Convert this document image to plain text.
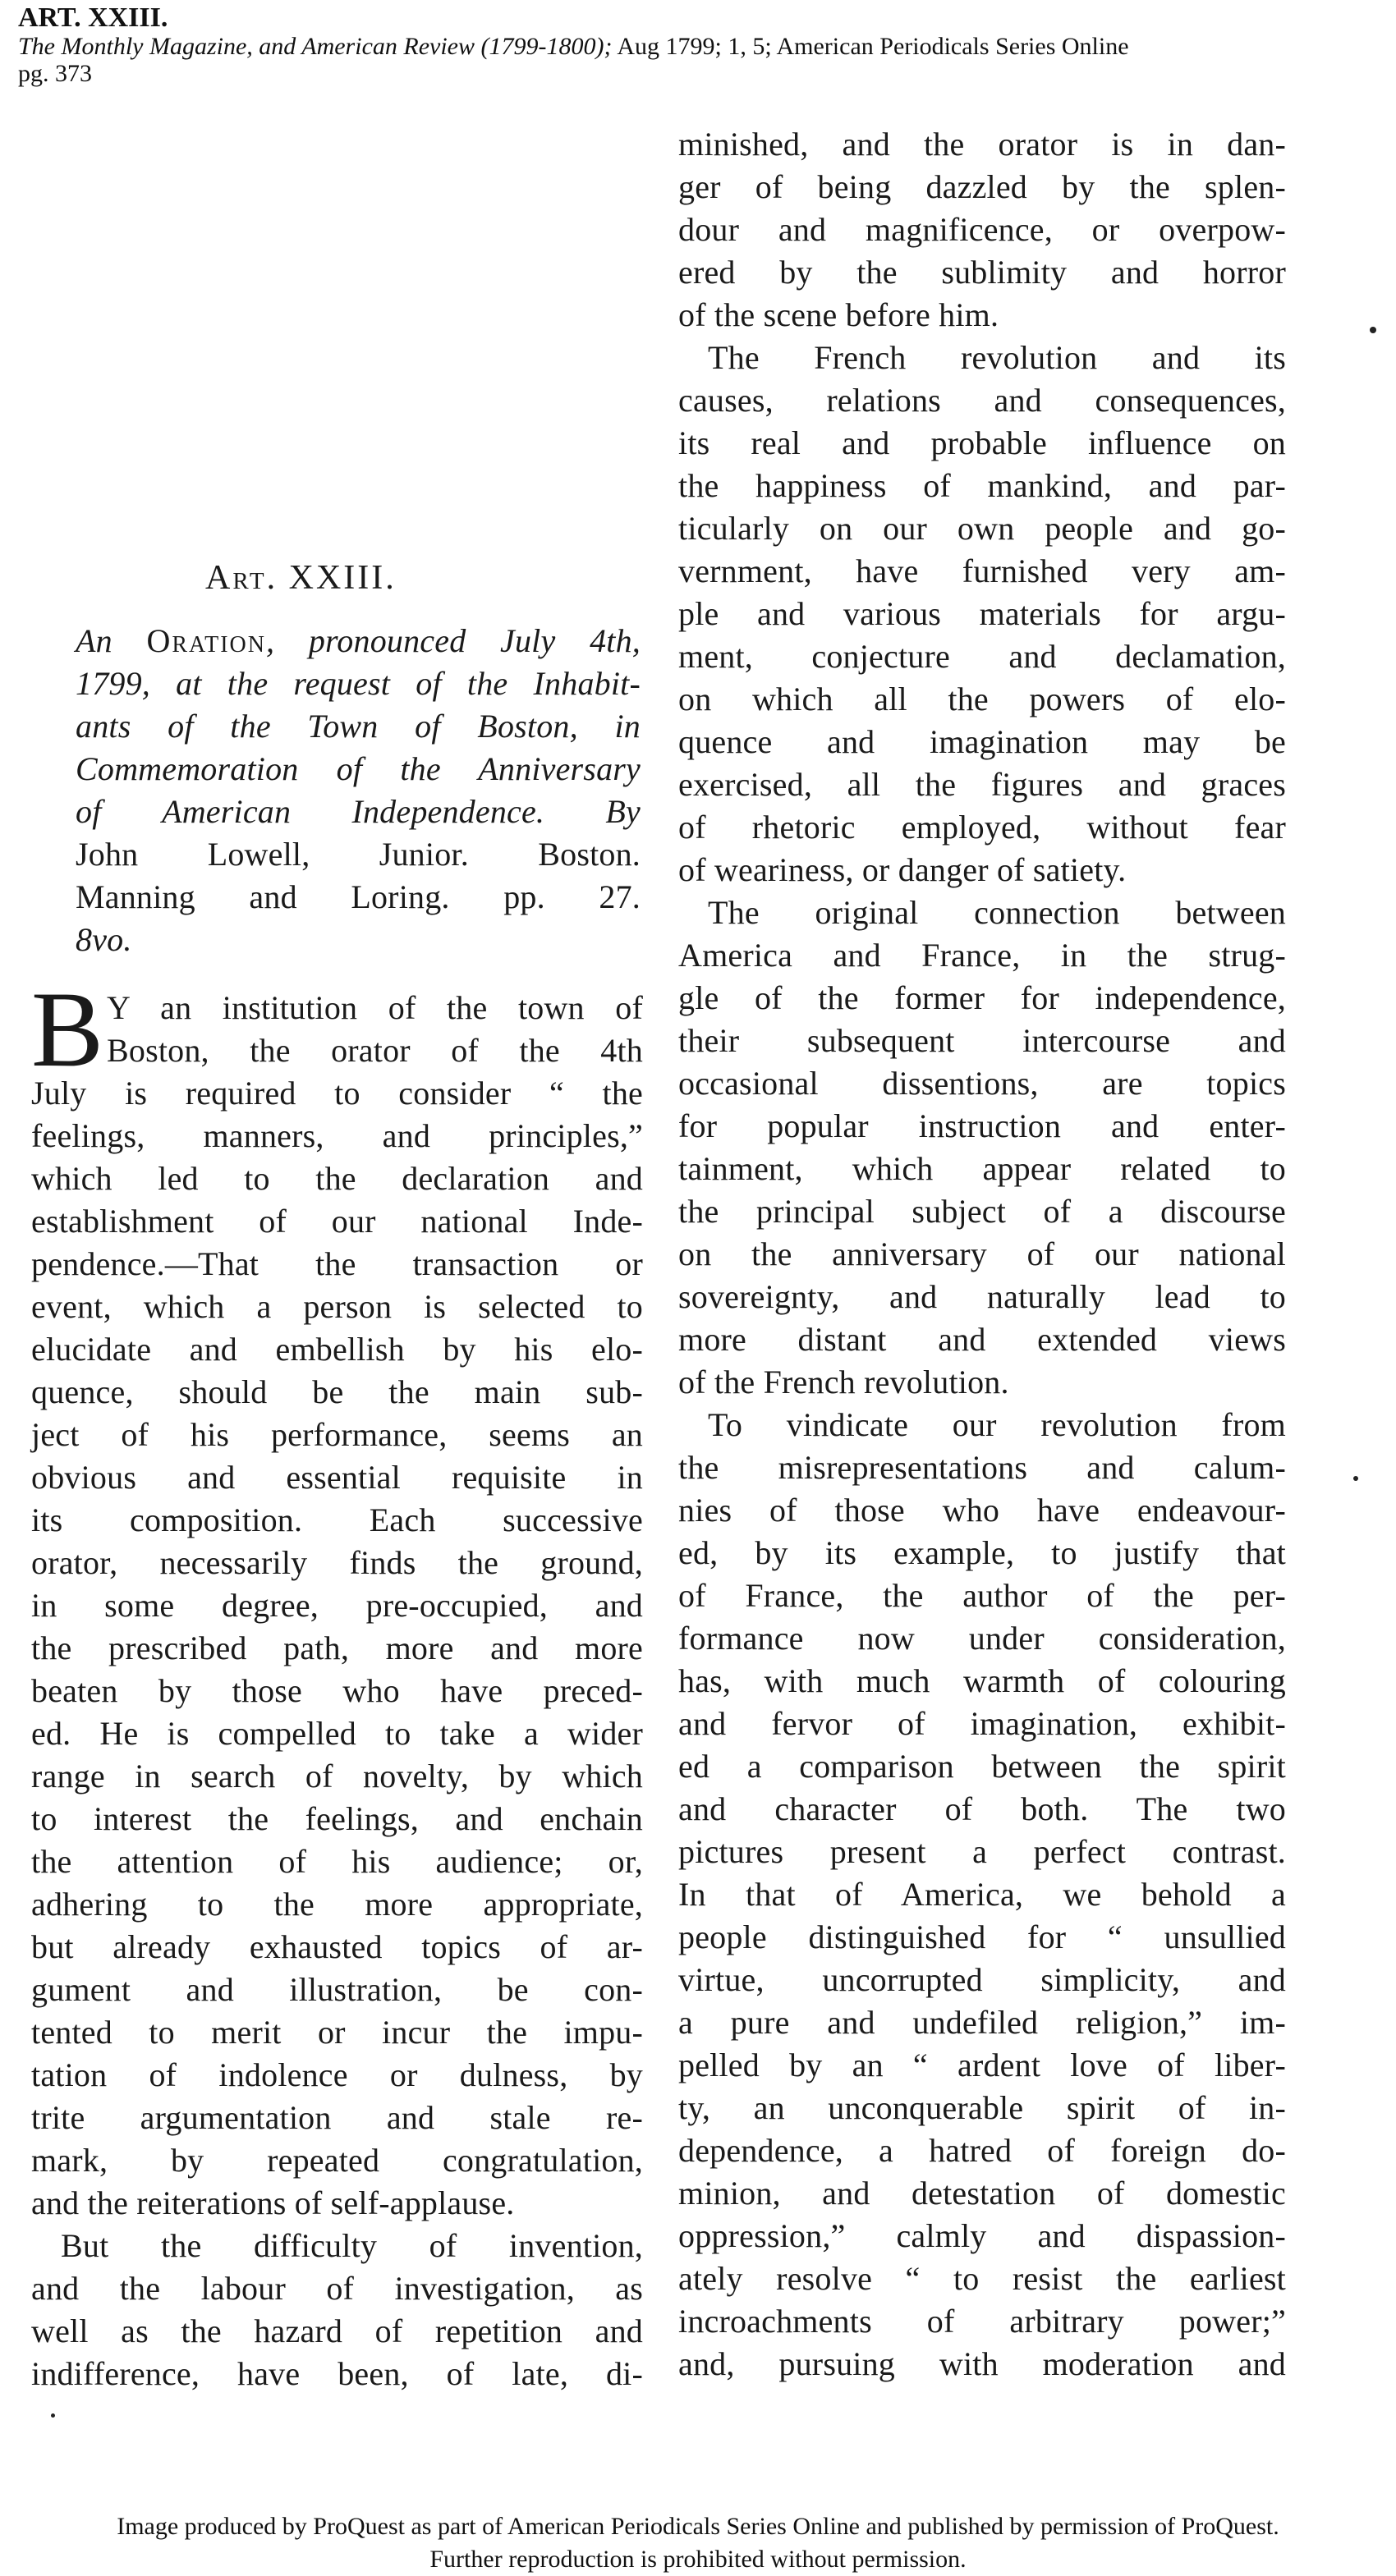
ART. XXIII.
The Monthly Magazine, and American Review (1799-1800); Aug 1799; 1, 5; American Periodicals Series Online
pg. 373
minished, and the orator is in dan-
ger of being dazzled by the splen-
dour and magnificence, or overpow-
ered by the sublimity and horror
of the scene before him.
The French revolution and its
causes, relations and consequences,
its real and probable influence on
the happiness of mankind, and par-
ticularly on our own people and go-
vernment, have furnished very am-
ple and various materials for argu-
ment, conjecture and declamation,
on which all the powers of elo-
quence and imagination may be
exercised, all the figures and graces
of rhetoric employed, without fear
of weariness, or danger of satiety.
The original connection between
America and France, in the strug-
gle of the former for independence,
their subsequent intercourse and
occasional dissentions, are topics
for popular instruction and enter-
tainment, which appear related to
the principal subject of a discourse
on the anniversary of our national
sovereignty, and naturally lead to
more distant and extended views
of the French revolution.
To vindicate our revolution from
the misrepresentations and calum-
nies of those who have endeavour-
ed, by its example, to justify that
of France, the author of the per-
formance now under consideration,
has, with much warmth of colouring
and fervor of imagination, exhibit-
ed a comparison between the spirit
and character of both. The two
pictures present a perfect contrast.
In that of America, we behold a
people distinguished for “ unsullied
virtue, uncorrupted simplicity, and
a pure and undefiled religion,” im-
pelled by an “ ardent love of liber-
ty, an unconquerable spirit of in-
dependence, a hatred of foreign do-
minion, and detestation of domestic
oppression,” calmly and dispassion-
ately resolve “ to resist the earliest
incroachments of arbitrary power;”
and, pursuing with moderation and
Art. XXIII.
An Oration, pronounced July 4th,
1799, at the request of the Inhabit-
ants of the Town of Boston, in
Commemoration of the Anniversary
of American Independence. By
John Lowell, Junior. Boston.
Manning and Loring. pp. 27.
8vo.
B Y an institution of the town of
Boston, the orator of the 4th
July is required to consider “ the
feelings, manners, and principles,”
which led to the declaration and
establishment of our national Inde-
pendence.—That the transaction or
event, which a person is selected to
elucidate and embellish by his elo-
quence, should be the main sub-
ject of his performance, seems an
obvious and essential requisite in
its composition. Each successive
orator, necessarily finds the ground,
in some degree, pre-occupied, and
the prescribed path, more and more
beaten by those who have preced-
ed. He is compelled to take a wider
range in search of novelty, by which
to interest the feelings, and enchain
the attention of his audience; or,
adhering to the more appropriate,
but already exhausted topics of ar-
gument and illustration, be con-
tented to merit or incur the impu-
tation of indolence or dulness, by
trite argumentation and stale re-
mark, by repeated congratulation,
and the reiterations of self-applause.
But the difficulty of invention,
and the labour of investigation, as
well as the hazard of repetition and
indifference, have been, of late, di-
Image produced by ProQuest as part of American Periodicals Series Online and published by permission of ProQuest.
Further reproduction is prohibited without permission.
